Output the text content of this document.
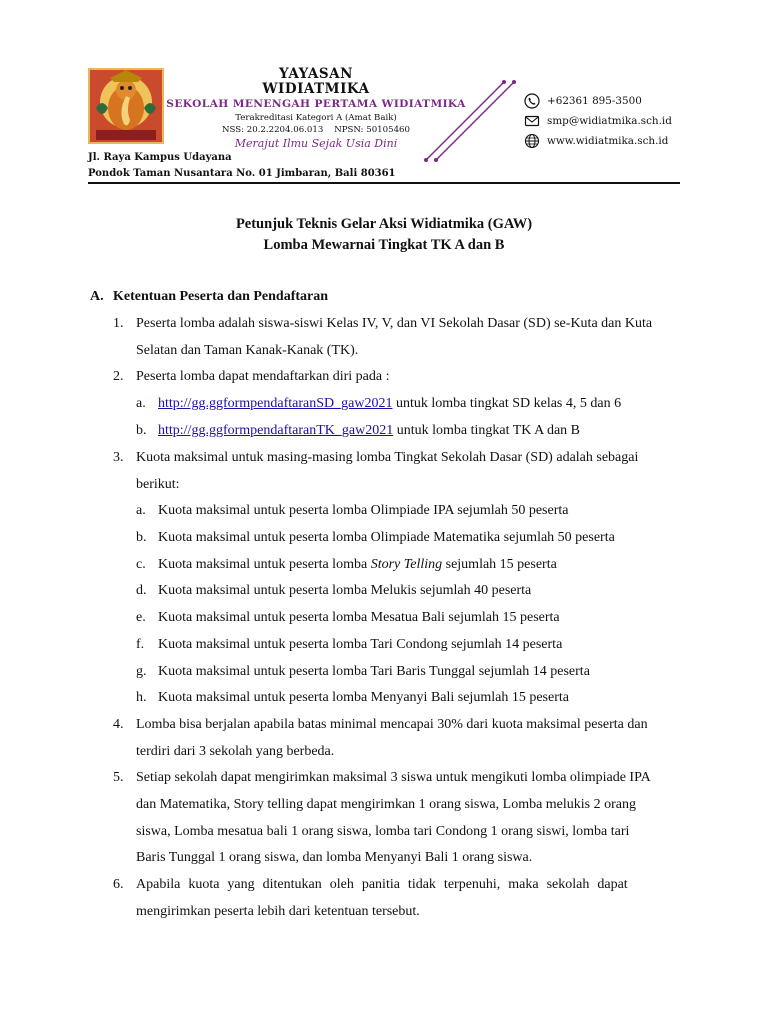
YAYASAN
WIDIATMIKA
SEKOLAH MENENGAH PERTAMA WIDIATMIKA
Terakreditasi Kategori A (Amat Baik)
NSS: 20.2.2204.06.013    NPSN: 50105460
Merajut Ilmu Sejak Usia Dini
Jl. Raya Kampus Udayana
Pondok Taman Nusantara No. 01 Jimbaran, Bali 80361
+62361 895-3500
smp@widiatmika.sch.id
www.widiatmika.sch.id
Petunjuk Teknis Gelar Aksi Widiatmika (GAW)
Lomba Mewarnai Tingkat TK A dan B
A. Ketentuan Peserta dan Pendaftaran
1. Peserta lomba adalah siswa-siswi Kelas IV, V, dan VI Sekolah Dasar (SD) se-Kuta dan Kuta
Selatan dan Taman Kanak-Kanak (TK).
2. Peserta lomba dapat mendaftarkan diri pada :
a. http://gg.ggformpendaftaranSD_gaw2021 untuk lomba tingkat SD kelas 4, 5 dan 6
b. http://gg.ggformpendaftaranTK_gaw2021 untuk lomba tingkat TK A dan B
3. Kuota maksimal untuk masing-masing lomba Tingkat Sekolah Dasar (SD) adalah sebagai
berikut:
a. Kuota maksimal untuk peserta lomba Olimpiade IPA sejumlah 50 peserta
b. Kuota maksimal untuk peserta lomba Olimpiade Matematika sejumlah 50 peserta
c. Kuota maksimal untuk peserta lomba Story Telling sejumlah 15 peserta
d. Kuota maksimal untuk peserta lomba Melukis sejumlah 40 peserta
e. Kuota maksimal untuk peserta lomba Mesatua Bali sejumlah 15 peserta
f. Kuota maksimal untuk peserta lomba Tari Condong sejumlah 14 peserta
g. Kuota maksimal untuk peserta lomba Tari Baris Tunggal sejumlah 14 peserta
h. Kuota maksimal untuk peserta lomba Menyanyi Bali sejumlah 15 peserta
4. Lomba bisa berjalan apabila batas minimal mencapai 30% dari kuota maksimal peserta dan
terdiri dari 3 sekolah yang berbeda.
5. Setiap sekolah dapat mengirimkan maksimal 3 siswa untuk mengikuti lomba olimpiade IPA
dan Matematika, Story telling dapat mengirimkan 1 orang siswa, Lomba melukis 2 orang
siswa, Lomba mesatua bali 1 orang siswa, lomba tari Condong 1 orang siswi, lomba tari
Baris Tunggal 1 orang siswa, dan lomba Menyanyi Bali 1 orang siswa.
6. Apabila kuota yang ditentukan oleh panitia tidak terpenuhi, maka sekolah dapat
mengirimkan peserta lebih dari ketentuan tersebut.
